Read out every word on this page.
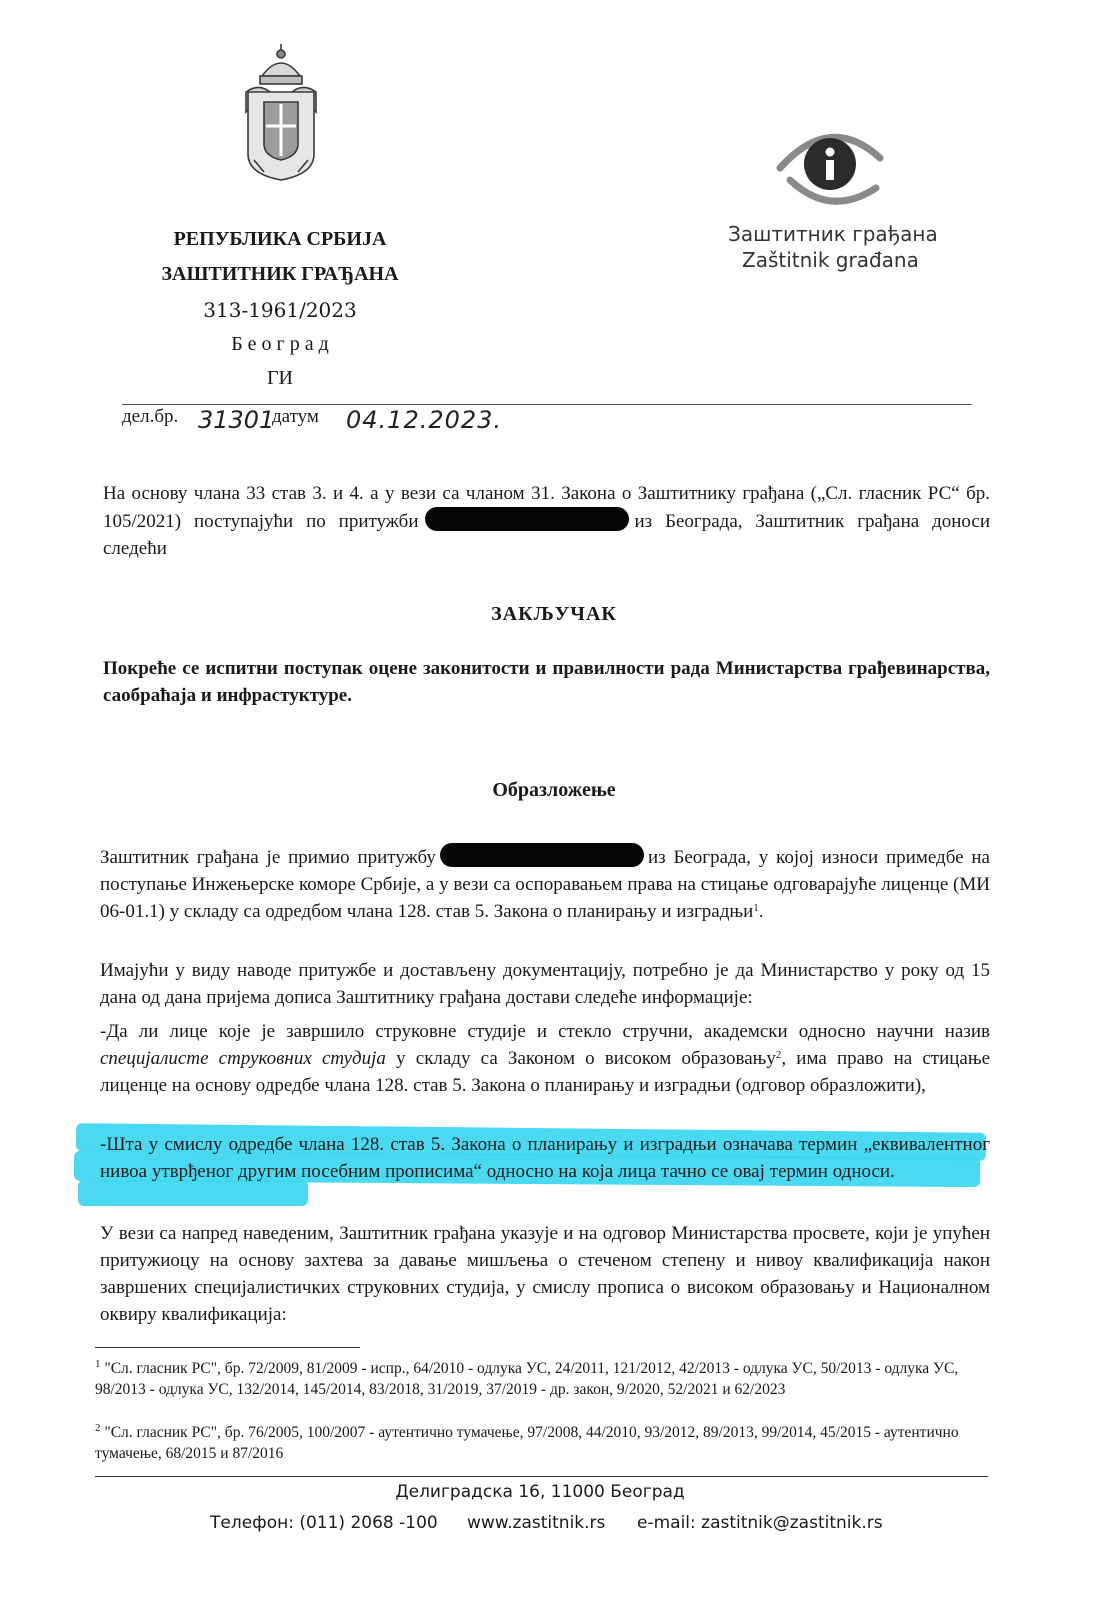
РЕПУБЛИКА СРБИЈА
ЗАШТИТНИК ГРАЂАНА
313-1961/2023
Б е о г р а д
ГИ
Заштитник грађана
Zaštitnik građana
дел.бр. 31301
датум 04.12.2023.
На основу члана 33 став 3. и 4. а у вези са чланом 31. Закона о Заштитнику грађана („Сл. гласник РС“ бр. 105/2021) поступајући по притужби	из Београда, Заштитник грађана доноси следећи
ЗАКЉУЧАК
Покреће се испитни поступак оцене законитости и правилности рада Министарства грађевинарства, саобраћаја и инфрастуктуре.
Образложење
Заштитник грађана је примио притужбу	из Београда, у којој износи примедбе на поступање Инжењерске коморе Србије, а у вези са оспоравањем права на стицање одговарајуће лиценце (МИ 06-01.1) у складу са одредбом члана 128. став 5. Закона о планирању и изградњи$^1$.
Имајући у виду наводе притужбе и достављену документацију, потребно је да Министарство у року од 15 дана од дана пријема дописа Заштитнику грађана достави следеће информације:
-Да ли лице које је завршило струковне студије и стекло стручни, академски односно научни назив специјалисте струковних студија у складу са Законом о високом образовању$^2$, има право на стицање лиценце на основу одредбе члана 128. став 5. Закона о планирању и изградњи (одговор образложити),
-Шта у смислу одредбе члана 128. став 5. Закона о планирању и изградњи означава термин „еквивалентног нивоа утврђеног другим посебним прописима“ односно на која лица тачно се овај термин односи.
У вези са напред наведеним, Заштитник грађана указује и на одговор Министарства просвете, који је упућен притужиоцу на основу захтева за давање мишљења о стеченом степену и нивоу квалификација након завршених специјалистичких струковних студија, у смислу прописа о високом образовању и Националном оквиру квалификација:
$^1$ "Сл. гласник РС", бр. 72/2009, 81/2009 - испр., 64/2010 - одлука УС, 24/2011, 121/2012, 42/2013 - одлука УС, 50/2013 - одлука УС, 98/2013 - одлука УС, 132/2014, 145/2014, 83/2018, 31/2019, 37/2019 - др. закон, 9/2020, 52/2021 и 62/2023
$^2$ "Сл. гласник РС", бр. 76/2005, 100/2007 - аутентично тумачење, 97/2008, 44/2010, 93/2012, 89/2013, 99/2014, 45/2015 - аутентично тумачење, 68/2015 и 87/2016
Делиградска 16, 11000 Београд
Телефон: (011) 2068 -100 www.zastitnik.rs e-mail: zastitnik@zastitnik.rs
